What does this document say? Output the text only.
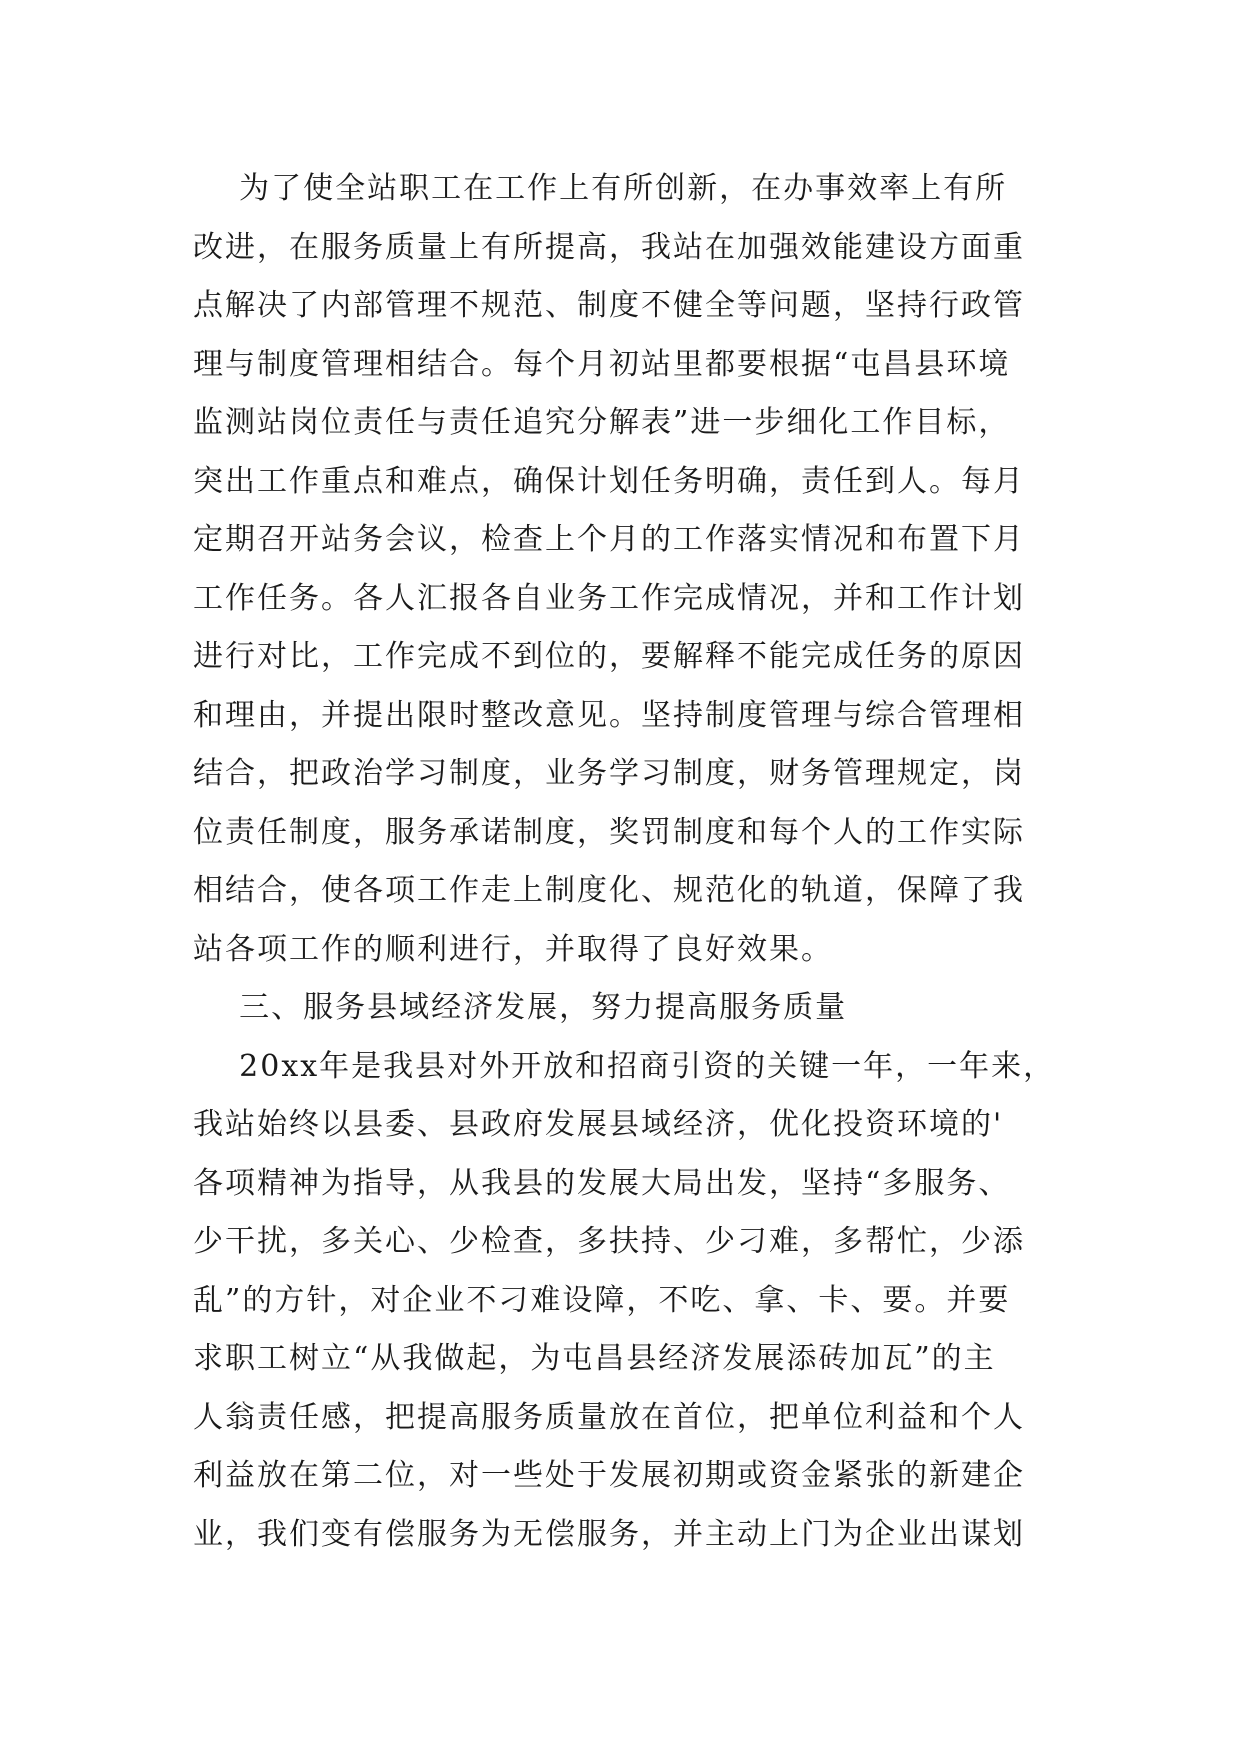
为了使全站职工在工作上有所创新，在办事效率上有所
改进，在服务质量上有所提高，我站在加强效能建设方面重
点解决了内部管理不规范、制度不健全等问题，坚持行政管
理与制度管理相结合。每个月初站里都要根据“屯昌县环境
监测站岗位责任与责任追究分解表”进一步细化工作目标，
突出工作重点和难点，确保计划任务明确，责任到人。每月
定期召开站务会议，检查上个月的工作落实情况和布置下月
工作任务。各人汇报各自业务工作完成情况，并和工作计划
进行对比，工作完成不到位的，要解释不能完成任务的原因
和理由，并提出限时整改意见。坚持制度管理与综合管理相
结合，把政治学习制度，业务学习制度，财务管理规定，岗
位责任制度，服务承诺制度，奖罚制度和每个人的工作实际
相结合，使各项工作走上制度化、规范化的轨道，保障了我
站各项工作的顺利进行，并取得了良好效果。
三、服务县域经济发展，努力提高服务质量
20xx年是我县对外开放和招商引资的关键一年，一年来，
我站始终以县委、县政府发展县域经济，优化投资环境的'
各项精神为指导，从我县的发展大局出发，坚持“多服务、
少干扰，多关心、少检查，多扶持、少刁难，多帮忙，少添
乱”的方针，对企业不刁难设障，不吃、拿、卡、要。并要
求职工树立“从我做起，为屯昌县经济发展添砖加瓦”的主
人翁责任感，把提高服务质量放在首位，把单位利益和个人
利益放在第二位，对一些处于发展初期或资金紧张的新建企
业，我们变有偿服务为无偿服务，并主动上门为企业出谋划
